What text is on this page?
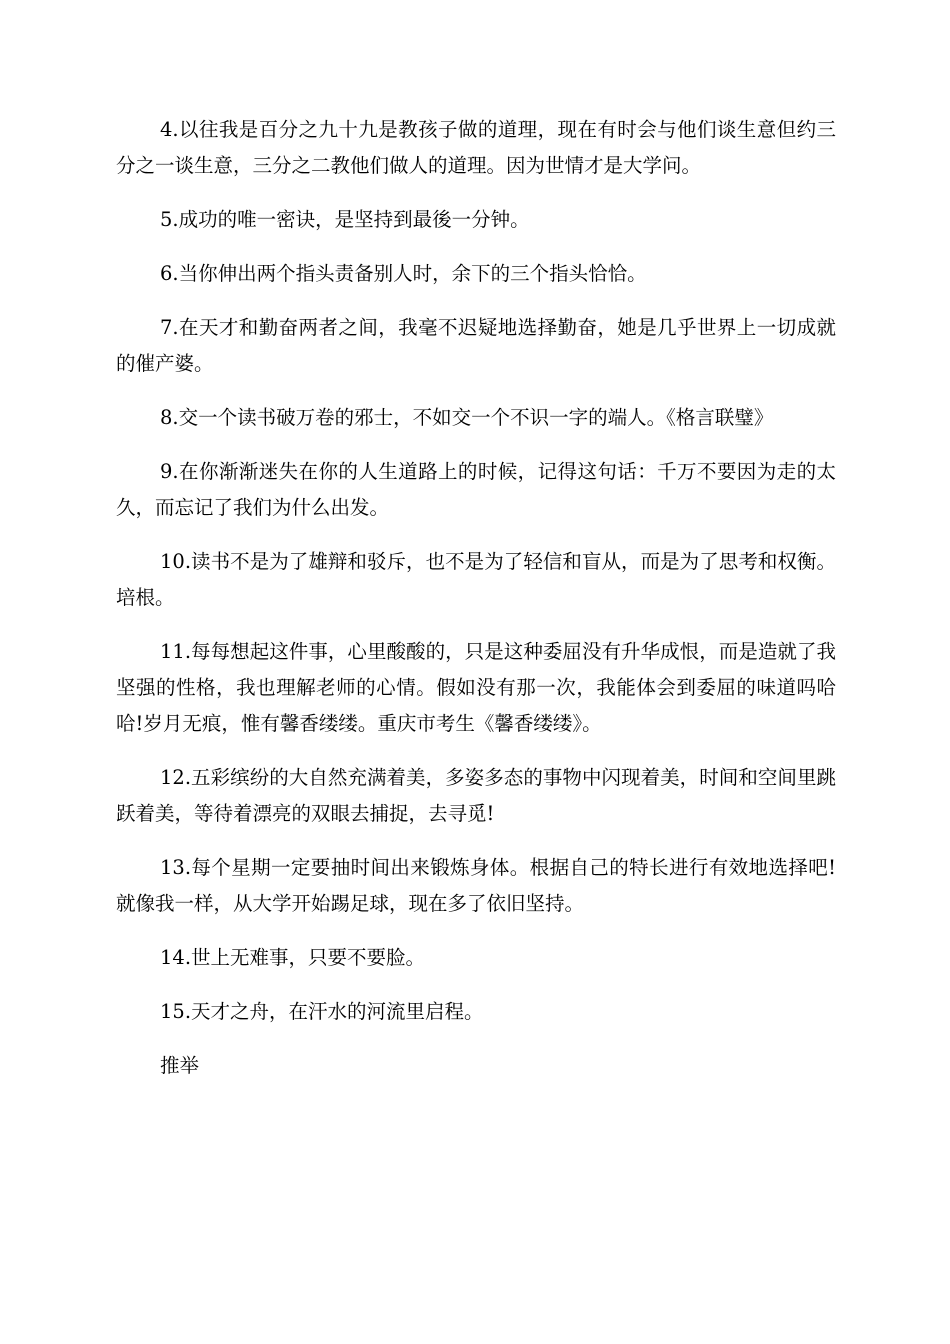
4.以往我是百分之九十九是教孩子做的道理，现在有时会与他们谈生意但约三分之一谈生意，三分之二教他们做人的道理。因为世情才是大学问。

5.成功的唯一密诀，是坚持到最後一分钟。

6.当你伸出两个指头责备别人时，余下的三个指头恰恰。

7.在天才和勤奋两者之间，我毫不迟疑地选择勤奋，她是几乎世界上一切成就的催产婆。

8.交一个读书破万卷的邪士，不如交一个不识一字的端人。《格言联璧》

9.在你渐渐迷失在你的人生道路上的时候，记得这句话：千万不要因为走的太久，而忘记了我们为什么出发。

10.读书不是为了雄辩和驳斥，也不是为了轻信和盲从，而是为了思考和权衡。培根。

11.每每想起这件事，心里酸酸的，只是这种委屈没有升华成恨，而是造就了我坚强的性格，我也理解老师的心情。假如没有那一次，我能体会到委屈的味道吗哈哈!岁月无痕，惟有馨香缕缕。重庆市考生《馨香缕缕》。

12.五彩缤纷的大自然充满着美，多姿多态的事物中闪现着美，时间和空间里跳跃着美，等待着漂亮的双眼去捕捉，去寻觅!

13.每个星期一定要抽时间出来锻炼身体。根据自己的特长进行有效地选择吧!就像我一样，从大学开始踢足球，现在多了依旧坚持。

14.世上无难事，只要不要脸。

15.天才之舟，在汗水的河流里启程。

推举
